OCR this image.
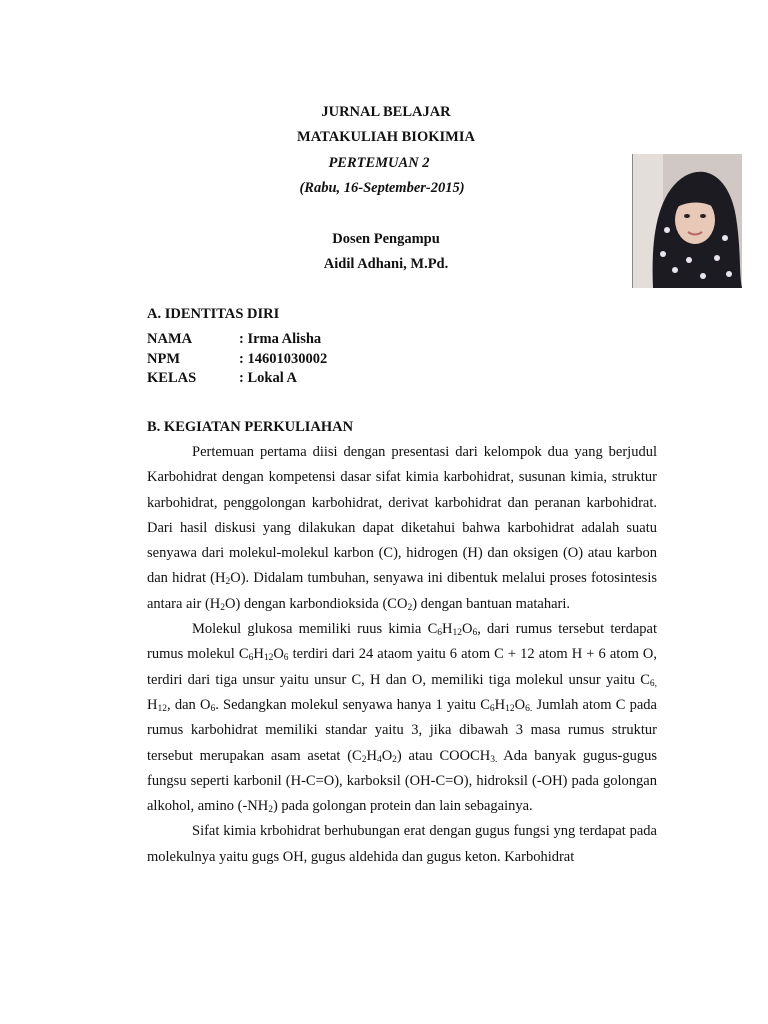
JURNAL BELAJAR
MATAKULIAH BIOKIMIA
PERTEMUAN 2
(Rabu, 16-September-2015)
Dosen Pengampu
Aidil Adhani, M.Pd.
A. IDENTITAS DIRI
NAMA	: Irma Alisha
NPM	: 14601030002
KELAS	: Lokal A
B. KEGIATAN PERKULIAHAN

Pertemuan pertama diisi dengan presentasi dari kelompok dua yang berjudul Karbohidrat dengan kompetensi dasar sifat kimia karbohidrat, susunan kimia, struktur karbohidrat, penggolongan karbohidrat, derivat karbohidrat dan peranan karbohidrat. Dari hasil diskusi yang dilakukan dapat diketahui bahwa karbohidrat adalah suatu senyawa dari molekul-molekul karbon (C), hidrogen (H) dan oksigen (O) atau karbon dan hidrat $(H_2O)$. Didalam tumbuhan, senyawa ini dibentuk melalui proses fotosintesis antara air $(H_2O)$ dengan karbondioksida $(CO_2)$ dengan bantuan matahari.

Molekul glukosa memiliki ruus kimia $C_6H_{12}O_6$, dari rumus tersebut terdapat rumus molekul $C_6H_{12}O_6$ terdiri dari 24 ataom yaitu 6 atom C + 12 atom H + 6 atom O, terdiri dari tiga unsur yaitu unsur C, H dan O, memiliki tiga molekul unsur yaitu $C_{6,}$ $H_{12}$, dan $O_6$. Sedangkan molekul senyawa hanya 1 yaitu $C_6H_{12}O_{6.}$ Jumlah atom C pada rumus karbohidrat memiliki standar yaitu 3, jika dibawah 3 masa rumus struktur tersebut merupakan asam asetat $(C_2H_4O_2)$ atau $COOCH_{3.}$ Ada banyak gugus-gugus fungsu seperti karbonil (H-C=O), karboksil (OH-C=O), hidroksil (-OH) pada golongan alkohol, amino $(-NH_2)$ pada golongan protein dan lain sebagainya.

Sifat kimia krbohidrat berhubungan erat dengan gugus fungsi yng terdapat pada molekulnya yaitu gugs OH, gugus aldehida dan gugus keton. Karbohidrat
